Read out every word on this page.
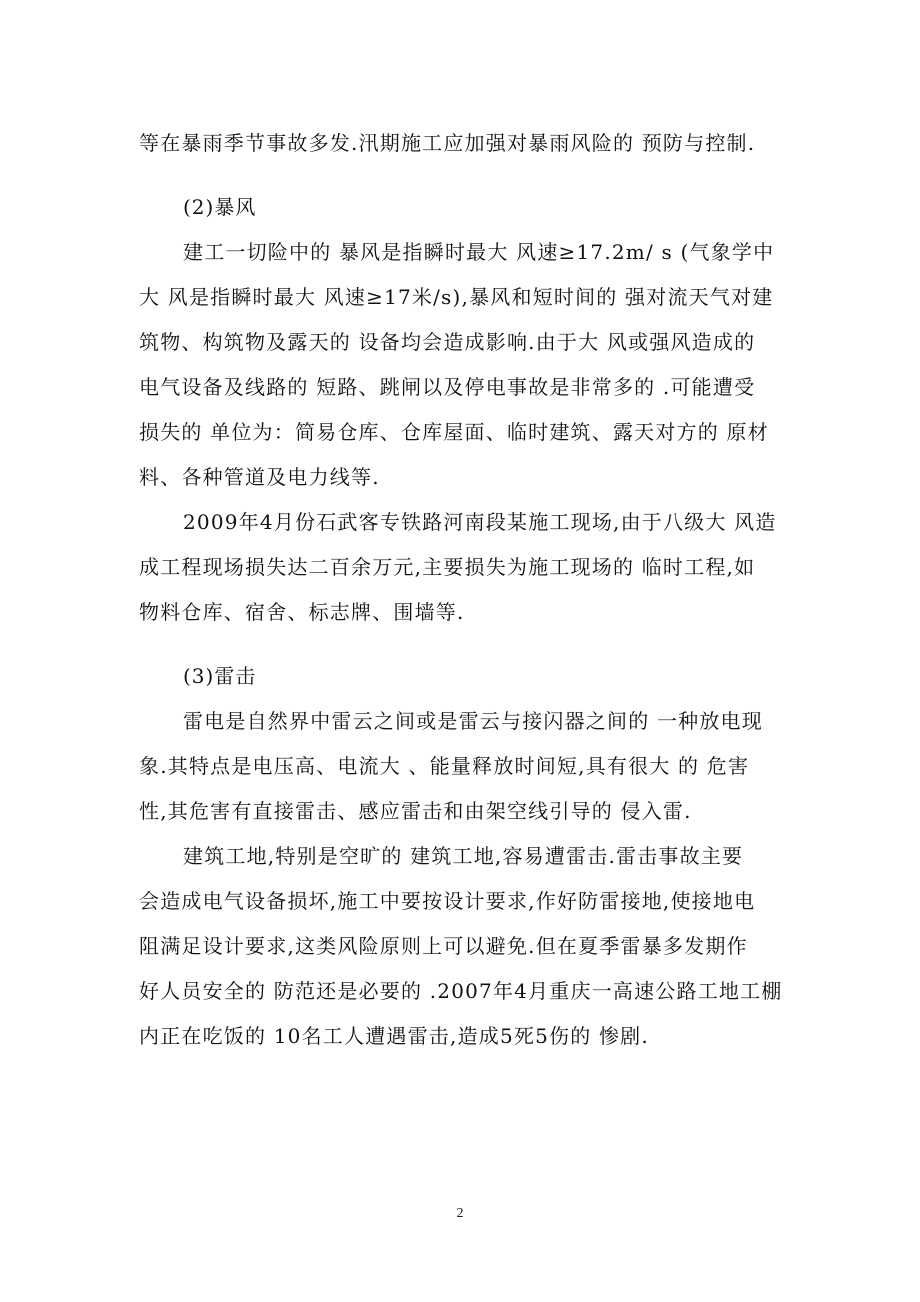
等在暴雨季节事故多发.汛期施工应加强对暴雨风险的 预防与控制.

(2)暴风

建工一切险中的 暴风是指瞬时最大 风速≥17.2m/ s (气象学中
大 风是指瞬时最大 风速≥17米/s),暴风和短时间的 强对流天气对建
筑物、构筑物及露天的 设备均会造成影响.由于大 风或强风造成的
电气设备及线路的 短路、跳闸以及停电事故是非常多的 .可能遭受
损失的 单位为：简易仓库、仓库屋面、临时建筑、露天对方的 原材
料、各种管道及电力线等.

2009年4月份石武客专铁路河南段某施工现场,由于八级大 风造
成工程现场损失达二百余万元,主要损失为施工现场的 临时工程,如
物料仓库、宿舍、标志牌、围墙等.

(3)雷击

雷电是自然界中雷云之间或是雷云与接闪器之间的 一种放电现
象.其特点是电压高、电流大 、能量释放时间短,具有很大 的 危害
性,其危害有直接雷击、感应雷击和由架空线引导的 侵入雷.

建筑工地,特别是空旷的 建筑工地,容易遭雷击.雷击事故主要
会造成电气设备损坏,施工中要按设计要求,作好防雷接地,使接地电
阻满足设计要求,这类风险原则上可以避免.但在夏季雷暴多发期作
好人员安全的 防范还是必要的 .2007年4月重庆一高速公路工地工棚
内正在吃饭的 10名工人遭遇雷击,造成5死5伤的 惨剧.

2
